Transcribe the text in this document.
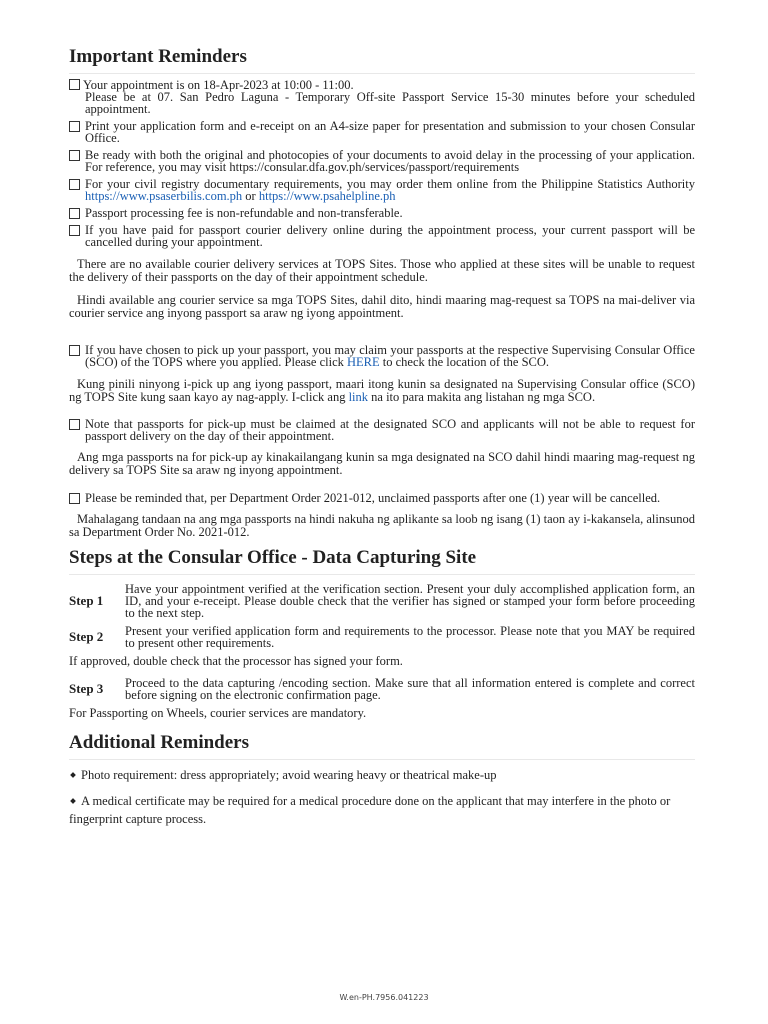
Important Reminders
Your appointment is on 18-Apr-2023 at 10:00 - 11:00.
Please be at 07. San Pedro Laguna - Temporary Off-site Passport Service 15-30 minutes before your scheduled appointment.
Print your application form and e-receipt on an A4-size paper for presentation and submission to your chosen Consular Office.
Be ready with both the original and photocopies of your documents to avoid delay in the processing of your application. For reference, you may visit https://consular.dfa.gov.ph/services/passport/requirements
For your civil registry documentary requirements, you may order them online from the Philippine Statistics Authority https://www.psaserbilis.com.ph or https://www.psahelpline.ph
Passport processing fee is non-refundable and non-transferable.
If you have paid for passport courier delivery online during the appointment process, your current passport will be cancelled during your appointment.

There are no available courier delivery services at TOPS Sites. Those who applied at these sites will be unable to request the delivery of their passports on the day of their appointment schedule.

Hindi available ang courier service sa mga TOPS Sites, dahil dito, hindi maaring mag-request sa TOPS na mai-deliver via courier service ang inyong passport sa araw ng iyong appointment.

If you have chosen to pick up your passport, you may claim your passports at the respective Supervising Consular Office (SCO) of the TOPS where you applied. Please click HERE to check the location of the SCO.

Kung pinili ninyong i-pick up ang iyong passport, maari itong kunin sa designated na Supervising Consular office (SCO) ng TOPS Site kung saan kayo ay nag-apply. I-click ang link na ito para makita ang listahan ng mga SCO.

Note that passports for pick-up must be claimed at the designated SCO and applicants will not be able to request for passport delivery on the day of their appointment.

Ang mga passports na for pick-up ay kinakailangang kunin sa mga designated na SCO dahil hindi maaring mag-request ng delivery sa TOPS Site sa araw ng inyong appointment.

Please be reminded that, per Department Order 2021-012, unclaimed passports after one (1) year will be cancelled.

Mahalagang tandaan na ang mga passports na hindi nakuha ng aplikante sa loob ng isang (1) taon ay i-kakansela, alinsunod sa Department Order No. 2021-012.

Steps at the Consular Office - Data Capturing Site
Step 1
Have your appointment verified at the verification section. Present your duly accomplished application form, an ID, and your e-receipt. Please double check that the verifier has signed or stamped your form before proceeding to the next step.
Step 2	Present your verified application form and requirements to the processor. Please note that you MAY be required to present other requirements.

If approved, double check that the processor has signed your form.

Step 3	Proceed to the data capturing /encoding section. Make sure that all information entered is complete and correct before signing on the electronic confirmation page.

For Passporting on Wheels, courier services are mandatory.

Additional Reminders

Photo requirement: dress appropriately; avoid wearing heavy or theatrical make-up

A medical certificate may be required for a medical procedure done on the applicant that may interfere in the photo or fingerprint capture process.

W.en-PH.7956.041223
